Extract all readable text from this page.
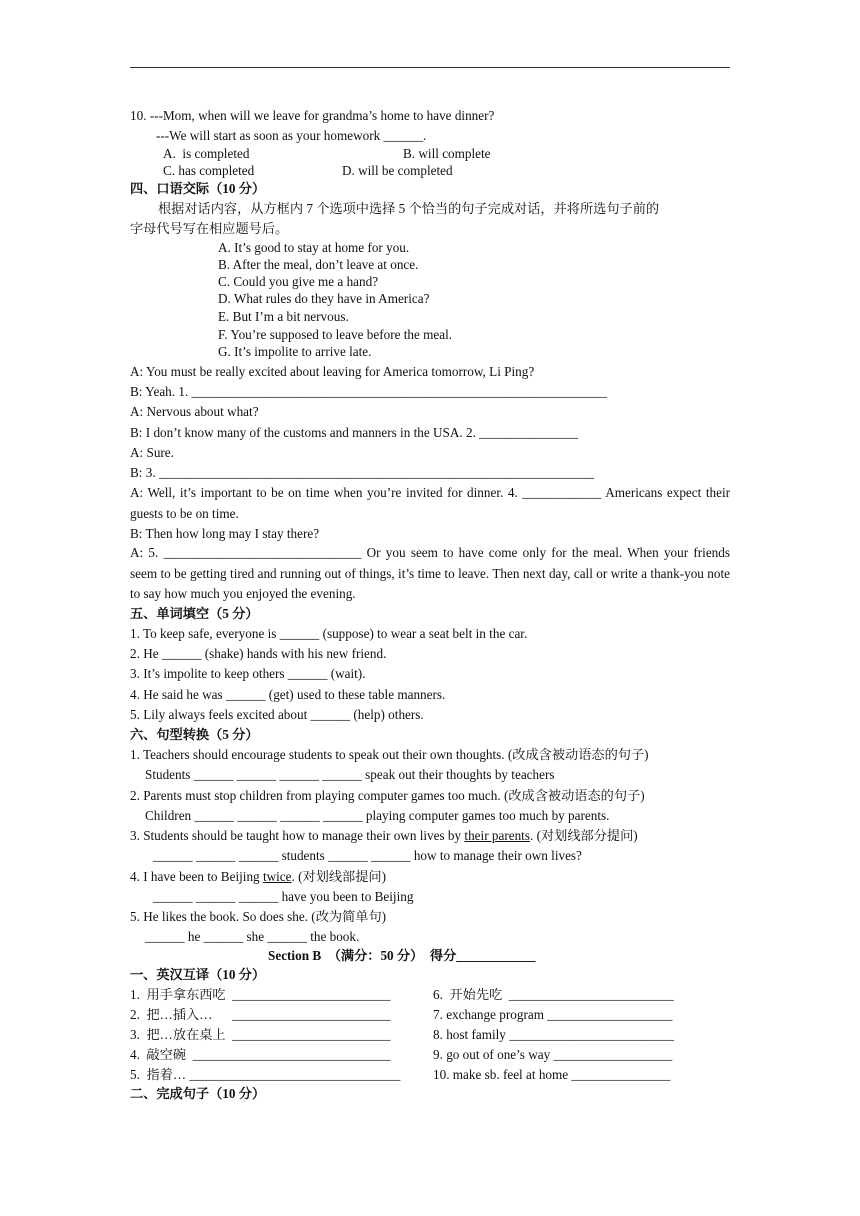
10. ---Mom, when will we leave for grandma’s home to have dinner?
---We will start as soon as your homework ______.
A.  is completed	B. will complete
C. has completed	D. will be completed
四、口语交际（10 分）
根据对话内容，从方框内 7 个选项中选择 5 个恰当的句子完成对话，并将所选句子前的
字母代号写在相应题号后。
A. It’s good to stay at home for you.
B. After the meal, don’t leave at once.
C. Could you give me a hand?
D. What rules do they have in America?
E. But I’m a bit nervous.
F. You’re supposed to leave before the meal.
G. It’s impolite to arrive late.
A: You must be really excited about leaving for America tomorrow, Li Ping?
B: Yeah. 1. _______________________________________________________________
A: Nervous about what?
B: I don’t know many of the customs and manners in the USA. 2. _______________
A: Sure.
B: 3. __________________________________________________________________
A: Well, it’s important to be on time when you’re invited for dinner. 4. ____________ Americans expect their guests to be on time.
B: Then how long may I stay there?
A: 5. ______________________________ Or you seem to have come only for the meal. When your friends seem to be getting tired and running out of things, it’s time to leave. Then next day, call or write a thank-you note to say how much you enjoyed the evening.
五、单词填空（5 分）
1. To keep safe, everyone is ______ (suppose) to wear a seat belt in the car.
2. He ______ (shake) hands with his new friend.
3. It’s impolite to keep others ______ (wait).
4. He said he was ______ (get) used to these table manners.
5. Lily always feels excited about ______ (help) others.
六、句型转换（5 分）
1. Teachers should encourage students to speak out their own thoughts. (改成含被动语态的句子)
Students ______ ______ ______ ______ speak out their thoughts by teachers
2. Parents must stop children from playing computer games too much. (改成含被动语态的句子)
Children ______ ______ ______ ______ playing computer games too much by parents.
3. Students should be taught how to manage their own lives by their parents. (对划线部分提问)
______ ______ ______ students ______ ______ how to manage their own lives?
4. I have been to Beijing twice. (对划线部提问)
______ ______ ______ have you been to Beijing
5. He likes the book. So does she. (改为简单句)
______ he ______ she ______ the book.
Section B　（满分：50 分）  得分____________
一、英汉互译（10 分）
1.  用手拿东西吃  ________________________
2.  把…插入…      ________________________
3.  把…放在桌上  ________________________
4.  敲空碗  ______________________________
5.  指着… ________________________________
6.  开始先吃  _________________________
7. exchange program ___________________
8. host family _________________________
9. go out of one’s way __________________
10. make sb. feel at home _______________
二、完成句子（10 分）
